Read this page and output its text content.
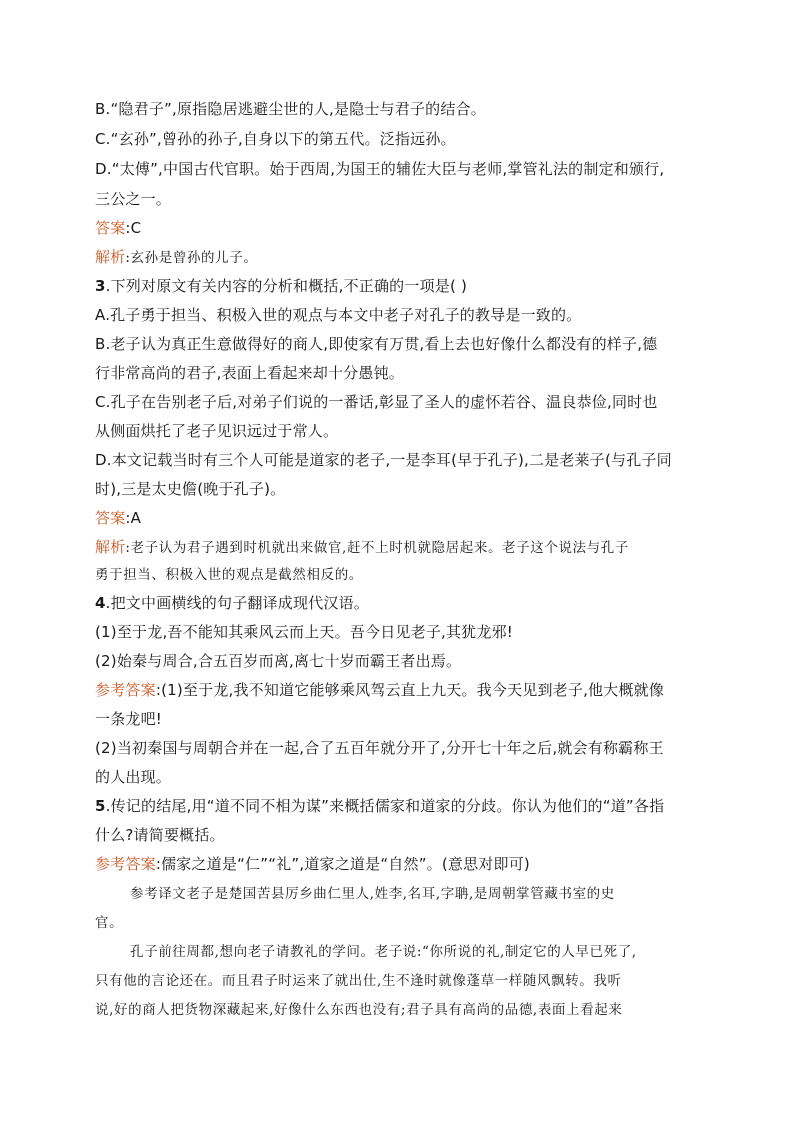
B.“隐君子”,原指隐居逃避尘世的人,是隐士与君子的结合。
C.“玄孙”,曾孙的孙子,自身以下的第五代。泛指远孙。
D.“太傅”,中国古代官职。始于西周,为国王的辅佐大臣与老师,掌管礼法的制定和颁行,
三公之一。
答案:C
解析:玄孙是曾孙的儿子。
3.下列对原文有关内容的分析和概括,不正确的一项是( )
A.孔子勇于担当、积极入世的观点与本文中老子对孔子的教导是一致的。
B.老子认为真正生意做得好的商人,即使家有万贯,看上去也好像什么都没有的样子,德
行非常高尚的君子,表面上看起来却十分愚钝。
C.孔子在告别老子后,对弟子们说的一番话,彰显了圣人的虚怀若谷、温良恭俭,同时也
从侧面烘托了老子见识远过于常人。
D.本文记载当时有三个人可能是道家的老子,一是李耳(早于孔子),二是老莱子(与孔子同
时),三是太史儋(晚于孔子)。
答案:A
解析:老子认为君子遇到时机就出来做官,赶不上时机就隐居起来。老子这个说法与孔子
勇于担当、积极入世的观点是截然相反的。
4.把文中画横线的句子翻译成现代汉语。
(1)至于龙,吾不能知其乘风云而上天。吾今日见老子,其犹龙邪!
(2)始秦与周合,合五百岁而离,离七十岁而霸王者出焉。
参考答案:(1)至于龙,我不知道它能够乘风驾云直上九天。我今天见到老子,他大概就像
一条龙吧!
(2)当初秦国与周朝合并在一起,合了五百年就分开了,分开七十年之后,就会有称霸称王
的人出现。
5.传记的结尾,用“道不同不相为谋”来概括儒家和道家的分歧。你认为他们的“道”各指
什么?请简要概括。
参考答案:儒家之道是“仁”“礼”,道家之道是“自然”。(意思对即可)
参考译文老子是楚国苦县厉乡曲仁里人,姓李,名耳,字聃,是周朝掌管藏书室的史
官。
孔子前往周都,想向老子请教礼的学问。老子说:“你所说的礼,制定它的人早已死了,
只有他的言论还在。而且君子时运来了就出仕,生不逢时就像蓬草一样随风飘转。我听
说,好的商人把货物深藏起来,好像什么东西也没有;君子具有高尚的品德,表面上看起来
